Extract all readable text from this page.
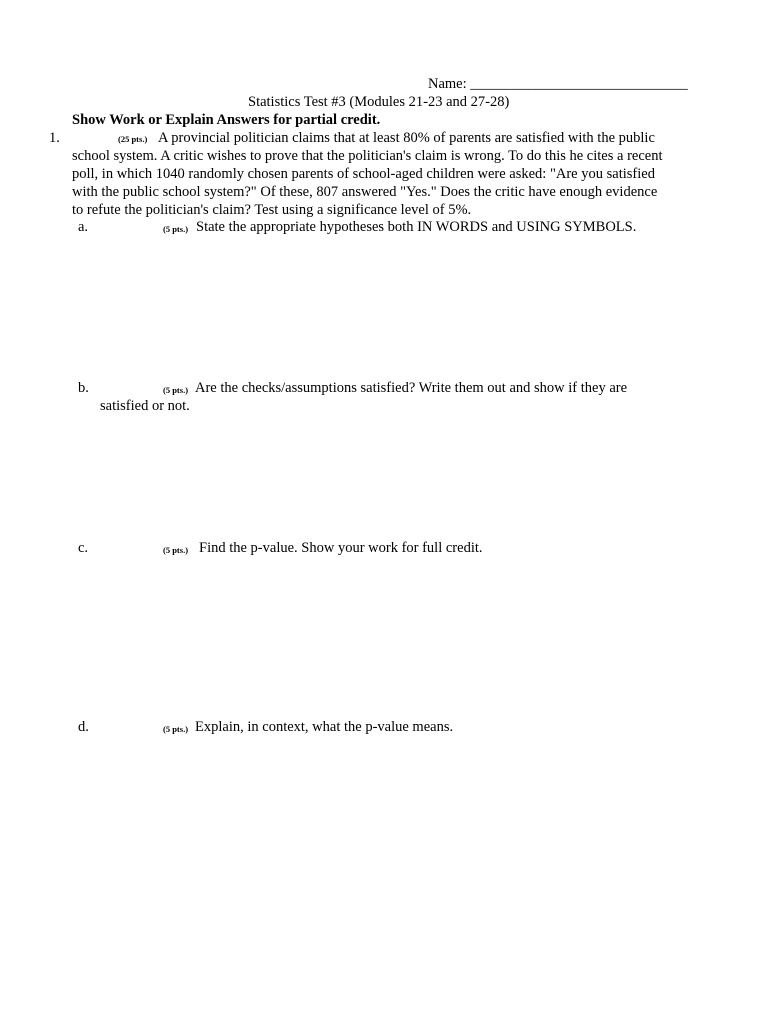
Name: ______________________________
Statistics Test #3 (Modules 21-23 and 27-28)
Show Work or Explain Answers for partial credit.
1.	(25 pts.) A provincial politician claims that at least 80% of parents are satisfied with the public
school system. A critic wishes to prove that the politician's claim is wrong. To do this he cites a recent
poll, in which 1040 randomly chosen parents of school-aged children were asked: "Are you satisfied
with the public school system?" Of these, 807 answered "Yes." Does the critic have enough evidence
to refute the politician's claim? Test using a significance level of 5%.
a.	(5 pts.) State the appropriate hypotheses both IN WORDS and USING SYMBOLS.
b.	(5 pts.) Are the checks/assumptions satisfied? Write them out and show if they are
satisfied or not.
c.	(5 pts.) Find the p-value. Show your work for full credit.
d.	(5 pts.) Explain, in context, what the p-value means.
